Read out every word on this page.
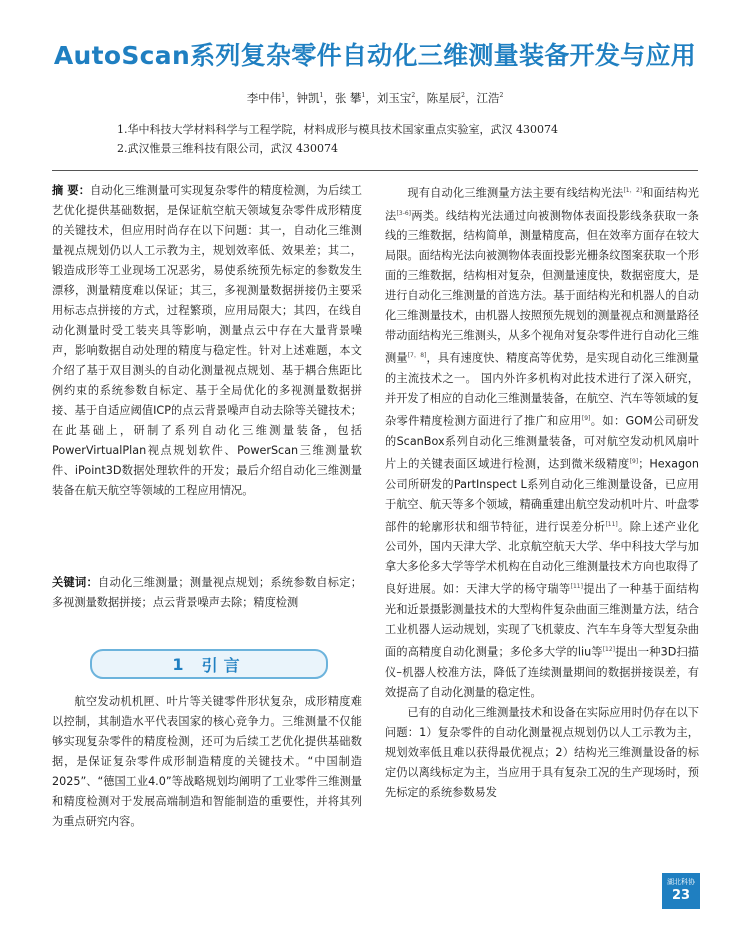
AutoScan系列复杂零件自动化三维测量装备开发与应用
李中伟$^1$，钟凯$^1$，张 攀$^1$，刘玉宝$^2$，陈星辰$^2$，江浩$^2$
1.华中科技大学材料科学与工程学院，材料成形与模具技术国家重点实验室，武汉 430074
2.武汉惟景三维科技有限公司，武汉 430074

摘 要：自动化三维测量可实现复杂零件的精度检测，为后续工艺优化提供基础数据，是保证航空航天领域复杂零件成形精度的关键技术，但应用时尚存在以下问题：其一，自动化三维测量视点规划仍以人工示教为主，规划效率低、效果差；其二，锻造成形等工业现场工况恶劣，易使系统预先标定的参数发生漂移，测量精度难以保证；其三，多视测量数据拼接仍主要采用标志点拼接的方式，过程繁琐，应用局限大；其四，在线自动化测量时受工装夹具等影响，测量点云中存在大量背景噪声，影响数据自动处理的精度与稳定性。针对上述难题，本文介绍了基于双目测头的自动化测量视点规划、基于耦合焦距比例约束的系统参数自标定、基于全局优化的多视测量数据拼接、基于自适应阈值ICP的点云背景噪声自动去除等关键技术；在此基础上，研制了系列自动化三维测量装备，包括PowerVirtualPlan视点规划软件、PowerScan三维测量软件、iPoint3D数据处理软件的开发；最后介绍自动化三维测量装备在航天航空等领域的工程应用情况。

关键词：自动化三维测量；测量视点规划；系统参数自标定；多视测量数据拼接；点云背景噪声去除；精度检测

1 引言

航空发动机机匣、叶片等关键零件形状复杂，成形精度难以控制，其制造水平代表国家的核心竞争力。三维测量不仅能够实现复杂零件的精度检测，还可为后续工艺优化提供基础数据，是保证复杂零件成形制造精度的关键技术。“中国制造2025”、“德国工业4.0”等战略规划均阐明了工业零件三维测量和精度检测对于发展高端制造和智能制造的重要性，并将其列为重点研究内容。

现有自动化三维测量方法主要有线结构光法[1，2]和面结构光法[3-6]两类。线结构光法通过向被测物体表面投影线条获取一条线的三维数据，结构简单，测量精度高，但在效率方面存在较大局限。面结构光法向被测物体表面投影光栅条纹图案获取一个形面的三维数据，结构相对复杂，但测量速度快，数据密度大，是进行自动化三维测量的首选方法。基于面结构光和机器人的自动化三维测量技术，由机器人按照预先规划的测量视点和测量路径带动面结构光三维测头，从多个视角对复杂零件进行自动化三维测量[7，8]，具有速度快、精度高等优势，是实现自动化三维测量的主流技术之一。 国内外许多机构对此技术进行了深入研究，并开发了相应的自动化三维测量装备，在航空、汽车等领域的复杂零件精度检测方面进行了推广和应用[9]。如：GOM公司研发的ScanBox系列自动化三维测量装备，可对航空发动机风扇叶片上的关键表面区域进行检测，达到微米级精度[9]；Hexagon公司所研发的PartInspect L系列自动化三维测量设备，已应用于航空、航天等多个领域，精确重建出航空发动机叶片、叶盘零部件的轮廓形状和细节特征，进行误差分析[11]。除上述产业化公司外，国内天津大学、北京航空航天大学、华中科技大学与加拿大多伦多大学等学术机构在自动化三维测量技术方向也取得了良好进展。如：天津大学的杨守瑞等[11]提出了一种基于面结构光和近景摄影测量技术的大型构件复杂曲面三维测量方法，结合工业机器人运动规划，实现了飞机蒙皮、汽车车身等大型复杂曲面的高精度自动化测量；多伦多大学的liu等[12]提出一种3D扫描仪–机器人校准方法，降低了连续测量期间的数据拼接误差，有效提高了自动化测量的稳定性。

已有的自动化三维测量技术和设备在实际应用时仍存在以下问题：1）复杂零件的自动化测量视点规划仍以人工示教为主，规划效率低且难以获得最优视点；2）结构光三维测量设备的标定仍以离线标定为主，当应用于具有复杂工况的生产现场时，预先标定的系统参数易发

湖北科协
23
